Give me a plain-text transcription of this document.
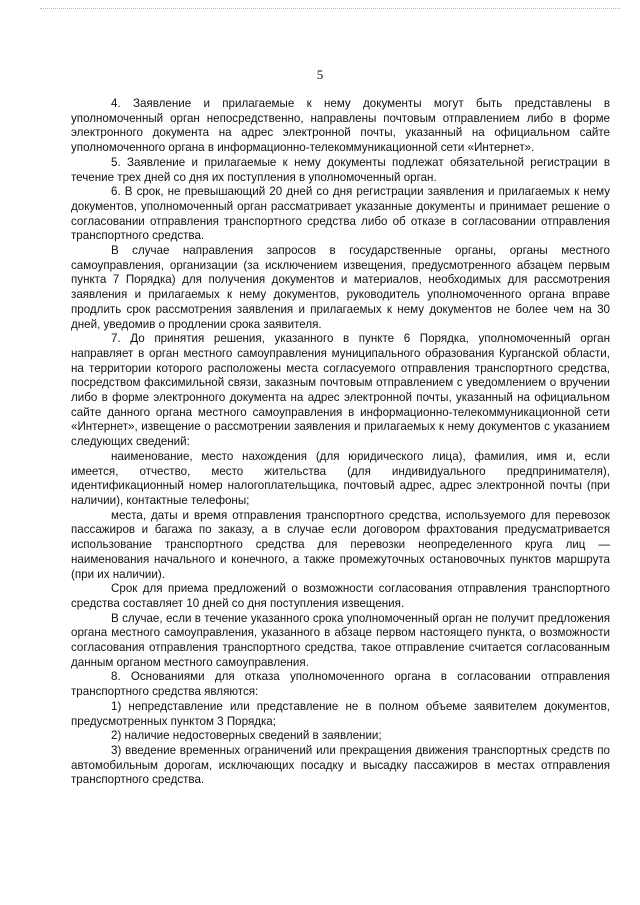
5

4. Заявление и прилагаемые к нему документы могут быть представлены в уполномоченный орган непосредственно, направлены почтовым отправлением либо в форме электронного документа на адрес электронной почты, указанный на официальном сайте уполномоченного органа в информационно-телекоммуникационной сети «Интернет».

5. Заявление и прилагаемые к нему документы подлежат обязательной регистрации в течение трех дней со дня их поступления в уполномоченный орган.

6. В срок, не превышающий 20 дней со дня регистрации заявления и прилагаемых к нему документов, уполномоченный орган рассматривает указанные документы и принимает решение о согласовании отправления транспортного средства либо об отказе в согласовании отправления транспортного средства.

В случае направления запросов в государственные органы, органы местного самоуправления, организации (за исключением извещения, предусмотренного абзацем первым пункта 7 Порядка) для получения документов и материалов, необходимых для рассмотрения заявления и прилагаемых к нему документов, руководитель уполномоченного органа вправе продлить срок рассмотрения заявления и прилагаемых к нему документов не более чем на 30 дней, уведомив о продлении срока заявителя.

7. До принятия решения, указанного в пункте 6 Порядка, уполномоченный орган направляет в орган местного самоуправления муниципального образования Курганской области, на территории которого расположены места согласуемого отправления транспортного средства, посредством факсимильной связи, заказным почтовым отправлением с уведомлением о вручении либо в форме электронного документа на адрес электронной почты, указанный на официальном сайте данного органа местного самоуправления в информационно-телекоммуникационной сети «Интернет», извещение о рассмотрении заявления и прилагаемых к нему документов с указанием следующих сведений:

наименование, место нахождения (для юридического лица), фамилия, имя и, если имеется, отчество, место жительства (для индивидуального предпринимателя), идентификационный номер налогоплательщика, почтовый адрес, адрес электронной почты (при наличии), контактные телефоны;

места, даты и время отправления транспортного средства, используемого для перевозок пассажиров и багажа по заказу, а в случае если договором фрахтования предусматривается использование транспортного средства для перевозки неопределенного круга лиц — наименования начального и конечного, а также промежуточных остановочных пунктов маршрута (при их наличии).

Срок для приема предложений о возможности согласования отправления транспортного средства составляет 10 дней со дня поступления извещения.

В случае, если в течение указанного срока уполномоченный орган не получит предложения органа местного самоуправления, указанного в абзаце первом настоящего пункта, о возможности согласования отправления транспортного средства, такое отправление считается согласованным данным органом местного самоуправления.

8. Основаниями для отказа уполномоченного органа в согласовании отправления транспортного средства являются:

1) непредставление или представление не в полном объеме заявителем документов, предусмотренных пунктом 3 Порядка;

2) наличие недостоверных сведений в заявлении;

3) введение временных ограничений или прекращения движения транспортных средств по автомобильным дорогам, исключающих посадку и высадку пассажиров в местах отправления транспортного средства.
